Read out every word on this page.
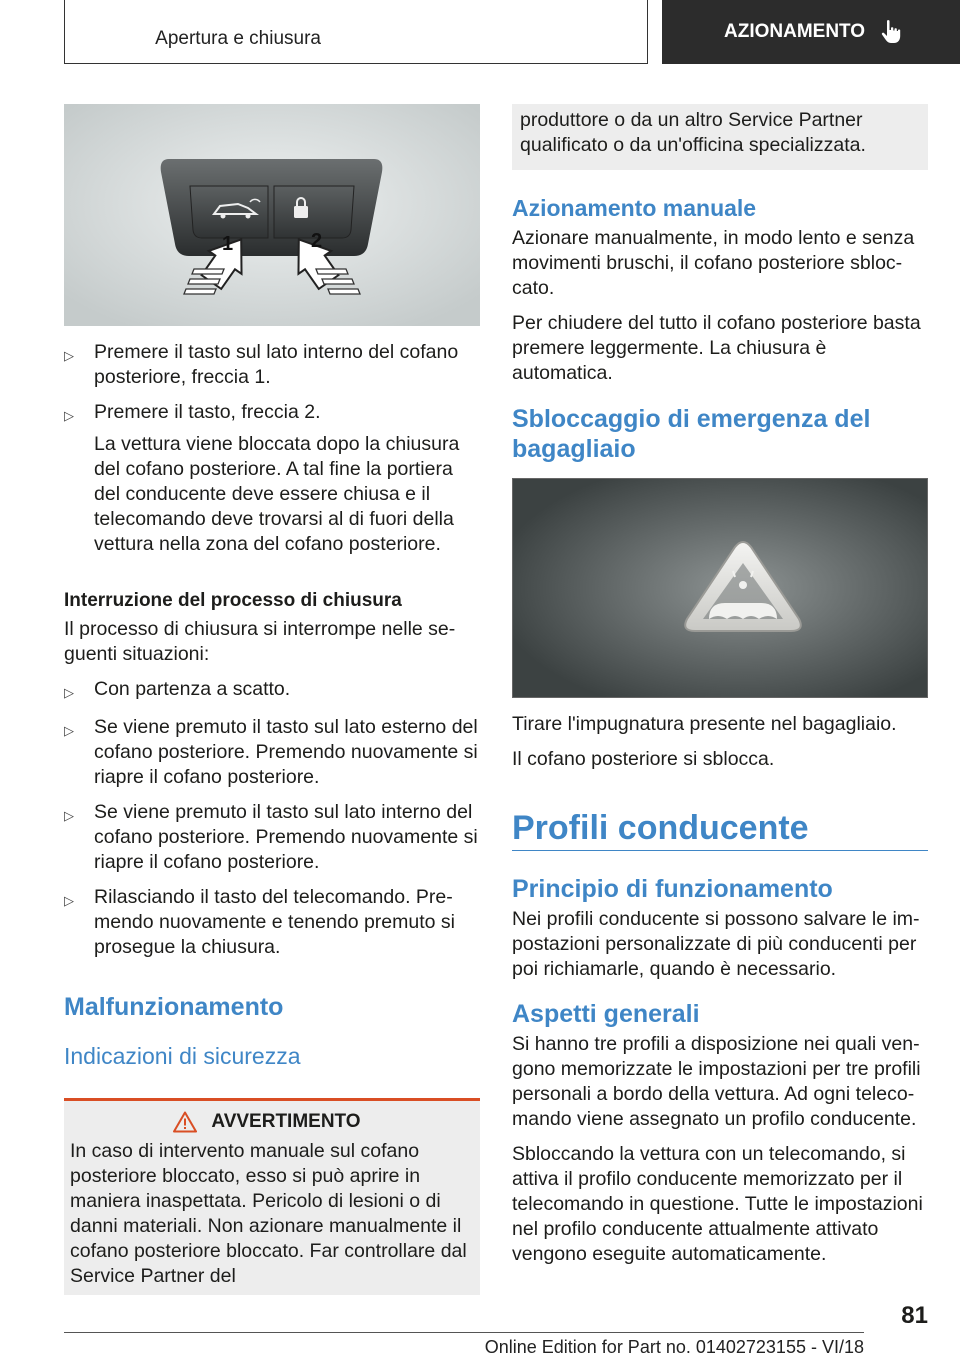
Apertura e chiusura	AZIONAMENTO
1	2
▷	Premere il tasto sul lato interno del cofano posteriore, freccia 1.
▷	Premere il tasto, freccia 2.

La vettura viene bloccata dopo la chiusura del cofano posteriore. A tal fine la portiera del conducente deve essere chiusa e il telecomando deve trovarsi al di fuori della vettura nella zona del cofano posteriore.

Interruzione del processo di chiusura

Il processo di chiusura si interrompe nelle seguenti situazioni:

▷	Con partenza a scatto.
▷	Se viene premuto il tasto sul lato esterno del cofano posteriore. Premendo nuovamente si riapre il cofano posteriore.
▷	Se viene premuto il tasto sul lato interno del cofano posteriore. Premendo nuovamente si riapre il cofano posteriore.
▷	Rilasciando il tasto del telecomando. Premendo nuovamente e tenendo premuto si prosegue la chiusura.

Malfunzionamento

Indicazioni di sicurezza

AVVERTIMENTO
In caso di intervento manuale sul cofano posteriore bloccato, esso si può aprire in maniera inaspettata. Pericolo di lesioni o di danni materiali. Non azionare manualmente il cofano posteriore bloccato. Far controllare dal Service Partner del
produttore o da un altro Service Partner qualificato o da un'officina specializzata.

Azionamento manuale

Azionare manualmente, in modo lento e senza movimenti bruschi, il cofano posteriore sbloccato.

Per chiudere del tutto il cofano posteriore basta premere leggermente. La chiusura è automatica.

Sbloccaggio di emergenza del bagagliaio

Tirare l'impugnatura presente nel bagagliaio.

Il cofano posteriore si sblocca.

Profili conducente

Principio di funzionamento

Nei profili conducente si possono salvare le impostazioni personalizzate di più conducenti per poi richiamarle, quando è necessario.

Aspetti generali

Si hanno tre profili a disposizione nei quali vengono memorizzate le impostazioni per tre profili personali a bordo della vettura. Ad ogni telecomando viene assegnato un profilo conducente.

Sbloccando la vettura con un telecomando, si attiva il profilo conducente memorizzato per il telecomando in questione. Tutte le impostazioni nel profilo conducente attualmente attivato vengono eseguite automaticamente.

81
Online Edition for Part no. 01402723155 - VI/18
